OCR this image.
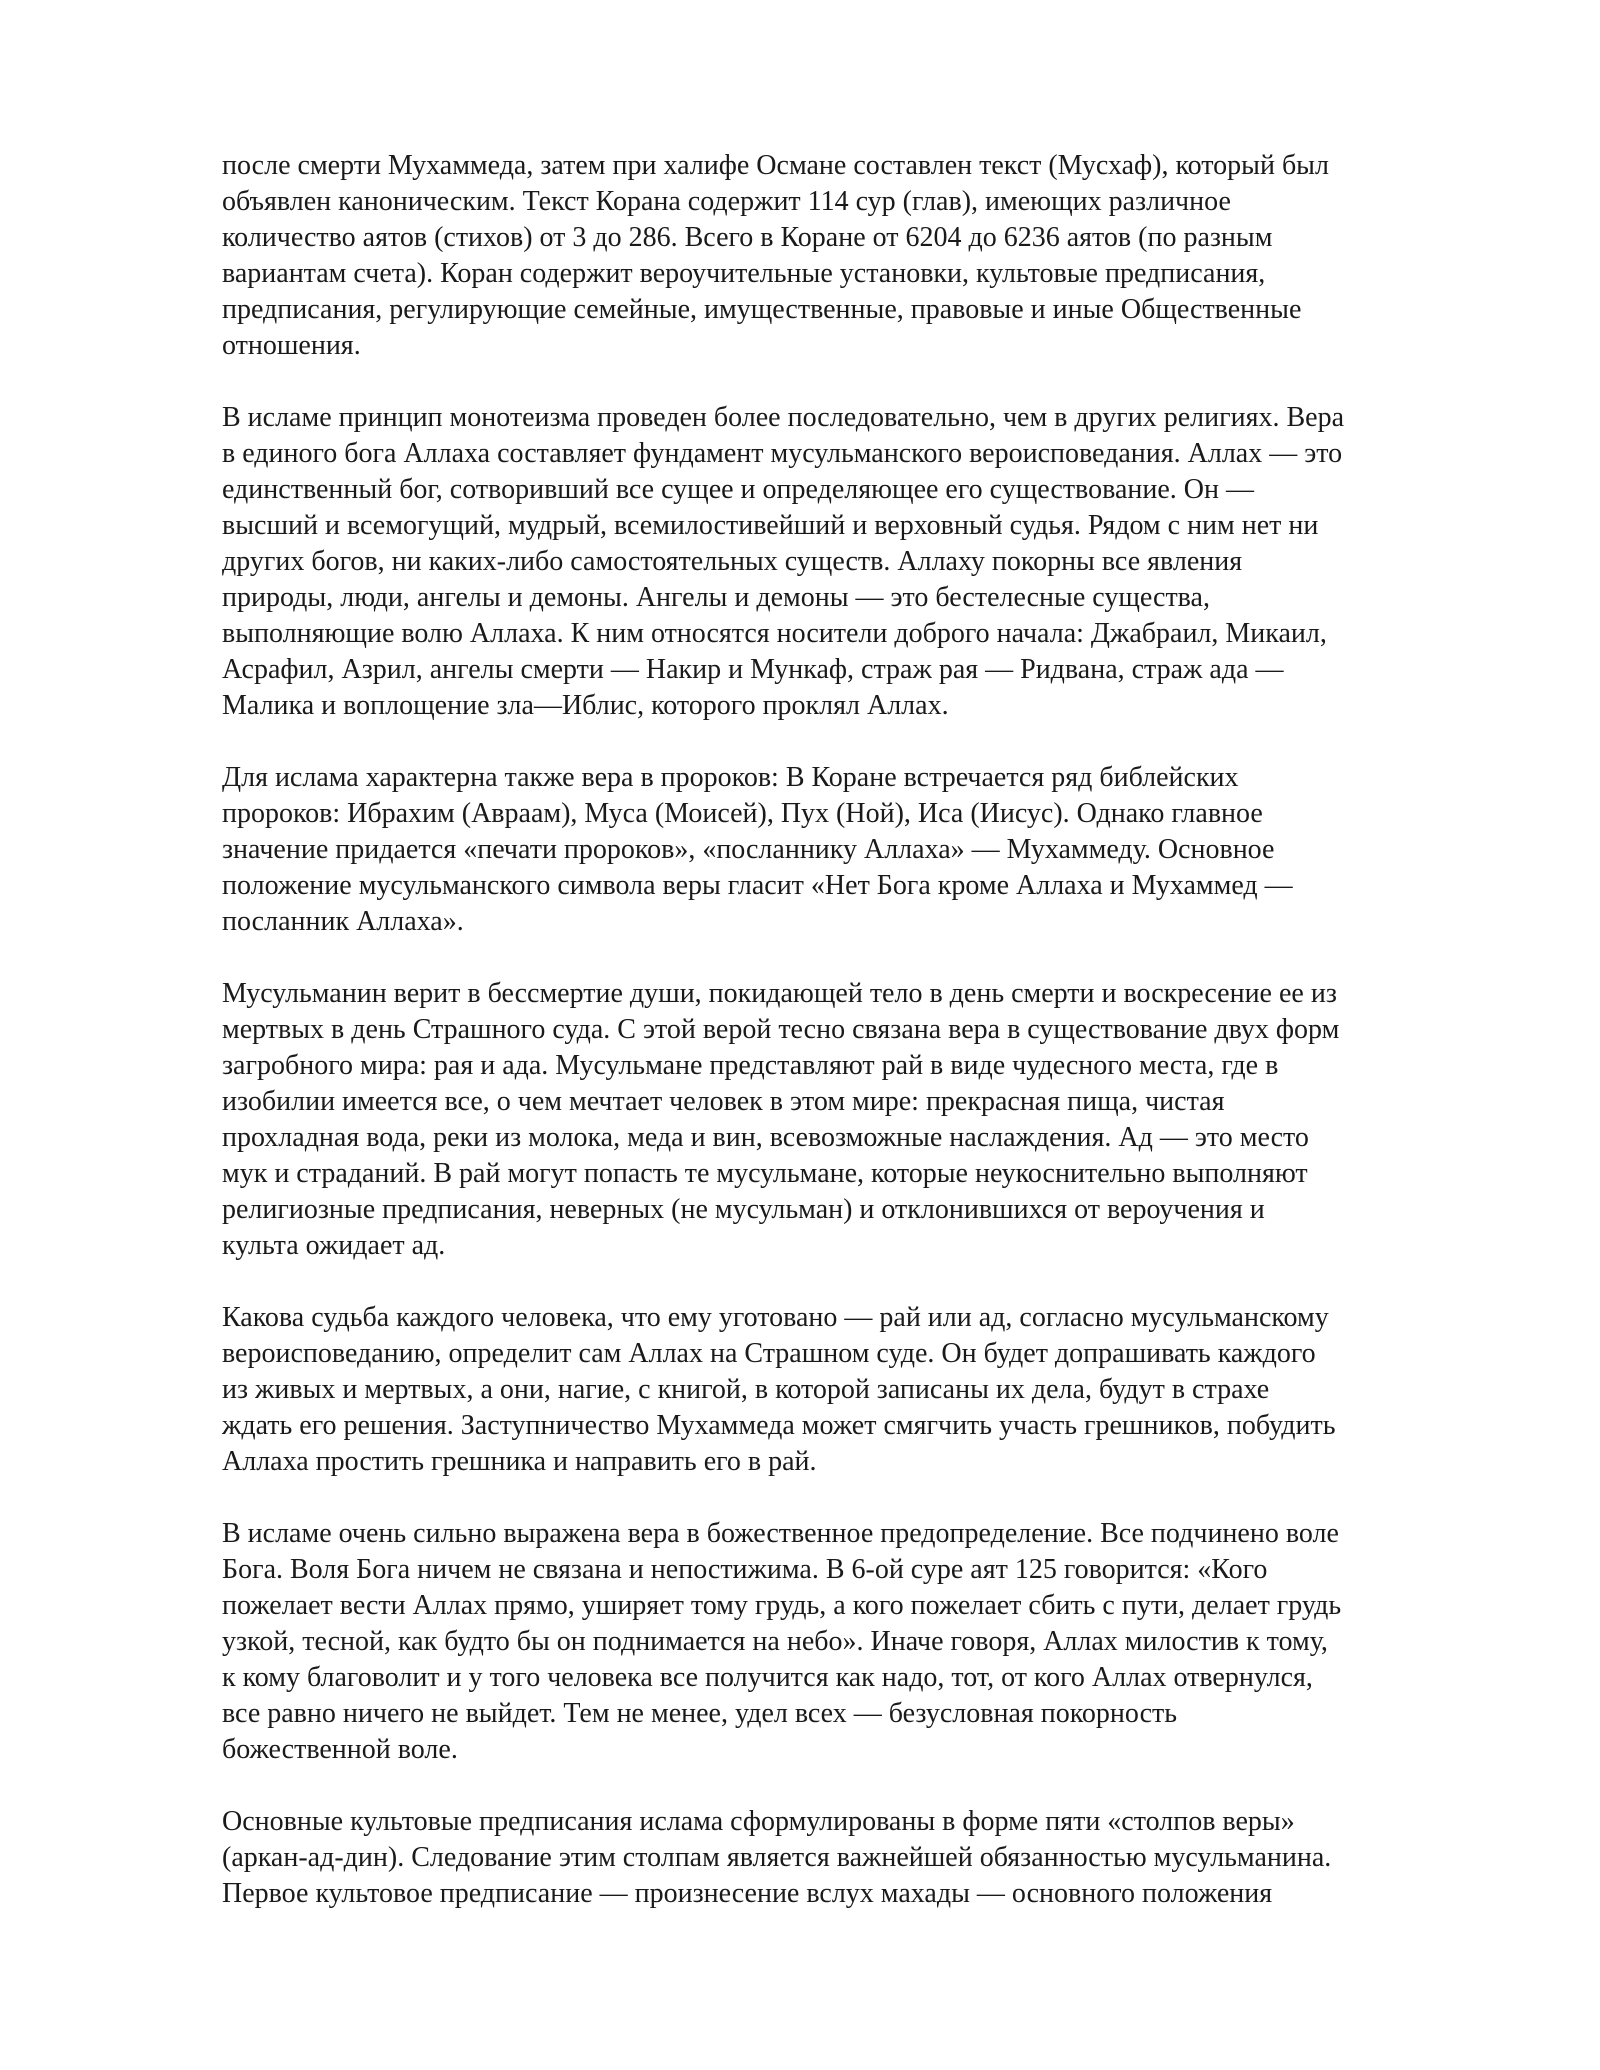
после смерти Мухаммеда, затем при халифе Османе составлен текст (Мусхаф), который был
объявлен каноническим. Текст Корана содержит 114 сур (глав), имеющих различное
количество аятов (стихов) от 3 до 286. Всего в Коране от 6204 до 6236 аятов (по разным
вариантам счета). Коран содержит вероучительные установки, культовые предписания,
предписания, регулирующие семейные, имущественные, правовые и иные Общественные
отношения.

В исламе принцип монотеизма проведен более последовательно, чем в других религиях. Вера
в единого бога Аллаха составляет фундамент мусульманского вероисповедания. Аллах — это
единственный бог, сотворивший все сущее и определяющее его существование. Он —
высший и всемогущий, мудрый, всемилостивейший и верховный судья. Рядом с ним нет ни
других богов, ни каких-либо самостоятельных существ. Аллаху покорны все явления
природы, люди, ангелы и демоны. Ангелы и демоны — это бестелесные существа,
выполняющие волю Аллаха. К ним относятся носители доброго начала: Джабраил, Микаил,
Асрафил, Азрил, ангелы смерти — Накир и Мункаф, страж рая — Ридвана, страж ада —
Малика и воплощение зла—Иблис, которого проклял Аллах.

Для ислама характерна также вера в пророков: В Коране встречается ряд библейских
пророков: Ибрахим (Авраам), Муса (Моисей), Пух (Ной), Иса (Иисус). Однако главное
значение придается «печати пророков», «посланнику Аллаха» — Мухаммеду. Основное
положение мусульманского символа веры гласит «Нет Бога кроме Аллаха и Мухаммед —
посланник Аллаха».

Мусульманин верит в бессмертие души, покидающей тело в день смерти и воскресение ее из
мертвых в день Страшного суда. С этой верой тесно связана вера в существование двух форм
загробного мира: рая и ада. Мусульмане представляют рай в виде чудесного места, где в
изобилии имеется все, о чем мечтает человек в этом мире: прекрасная пища, чистая
прохладная вода, реки из молока, меда и вин, всевозможные наслаждения. Ад — это место
мук и страданий. В рай могут попасть те мусульмане, которые неукоснительно выполняют
религиозные предписания, неверных (не мусульман) и отклонившихся от вероучения и
культа ожидает ад.

Какова судьба каждого человека, что ему уготовано — рай или ад, согласно мусульманскому
вероисповеданию, определит сам Аллах на Страшном суде. Он будет допрашивать каждого
из живых и мертвых, а они, нагие, с книгой, в которой записаны их дела, будут в страхе
ждать его решения. Заступничество Мухаммеда может смягчить участь грешников, побудить
Аллаха простить грешника и направить его в рай.

В исламе очень сильно выражена вера в божественное предопределение. Все подчинено воле
Бога. Воля Бога ничем не связана и непостижима. В 6-ой суре аят 125 говорится: «Кого
пожелает вести Аллах прямо, уширяет тому грудь, а кого пожелает сбить с пути, делает грудь
узкой, тесной, как будто бы он поднимается на небо». Иначе говоря, Аллах милостив к тому,
к кому благоволит и у того человека все получится как надо, тот, от кого Аллах отвернулся,
все равно ничего не выйдет. Тем не менее, удел всех — безусловная покорность
божественной воле.

Основные культовые предписания ислама сформулированы в форме пяти «столпов веры»
(аркан-ад-дин). Следование этим столпам является важнейшей обязанностью мусульманина.
Первое культовое предписание — произнесение вслух махады — основного положения
